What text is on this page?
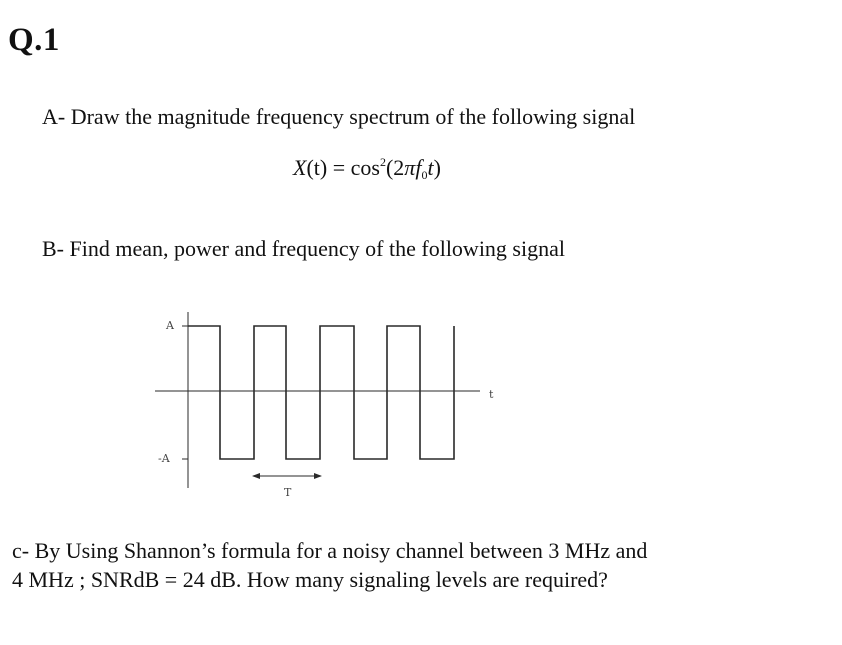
Q.1
A- Draw the magnitude frequency spectrum of the following signal
$X(t) = \cos^2(2\pi f_0t)$
B- Find mean, power and frequency of the following signal
A
-A
t
T
c- By Using Shannon’s formula for a noisy channel between 3 MHz and
4 MHz ; SNRdB = 24 dB. How many signaling levels are required?
